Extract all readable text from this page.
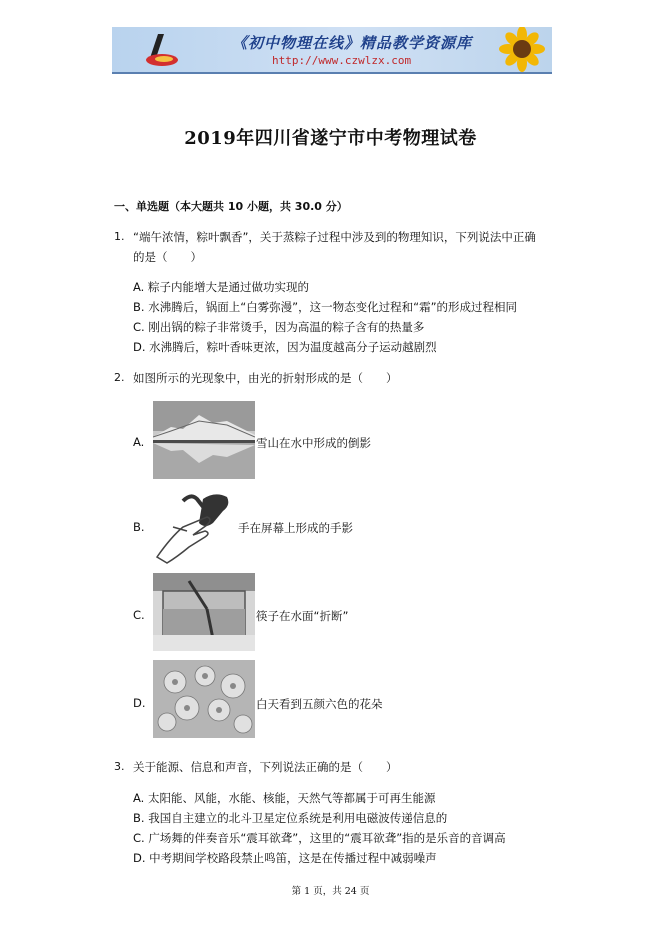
《初中物理在线》精品教学资源库
http://www.czwlzx.com
2019年四川省遂宁市中考物理试卷
一、单选题（本大题共 10 小题，共 30.0 分）
1. “端午浓情，粽叶飘香”，关于蒸粽子过程中涉及到的物理知识，下列说法中正确
的是（　　）
A. 粽子内能增大是通过做功实现的
B. 水沸腾后，锅面上“白雾弥漫”，这一物态变化过程和“霜”的形成过程相同
C. 刚出锅的粽子非常烫手，因为高温的粽子含有的热量多
D. 水沸腾后，粽叶香味更浓，因为温度越高分子运动越剧烈
2. 如图所示的光现象中，由光的折射形成的是（　　）
A.	雪山在水中形成的倒影
B.	手在屏幕上形成的手影
C.	筷子在水面“折断”
D.	白天看到五颜六色的花朵
3. 关于能源、信息和声音，下列说法正确的是（　　）
A. 太阳能、风能，水能、核能，天然气等都属于可再生能源
B. 我国自主建立的北斗卫星定位系统是利用电磁波传递信息的
C. 广场舞的伴奏音乐“震耳欲聋”，这里的“震耳欲聋”指的是乐音的音调高
D. 中考期间学校路段禁止鸣笛，这是在传播过程中减弱噪声
第 1 页，共 24 页
